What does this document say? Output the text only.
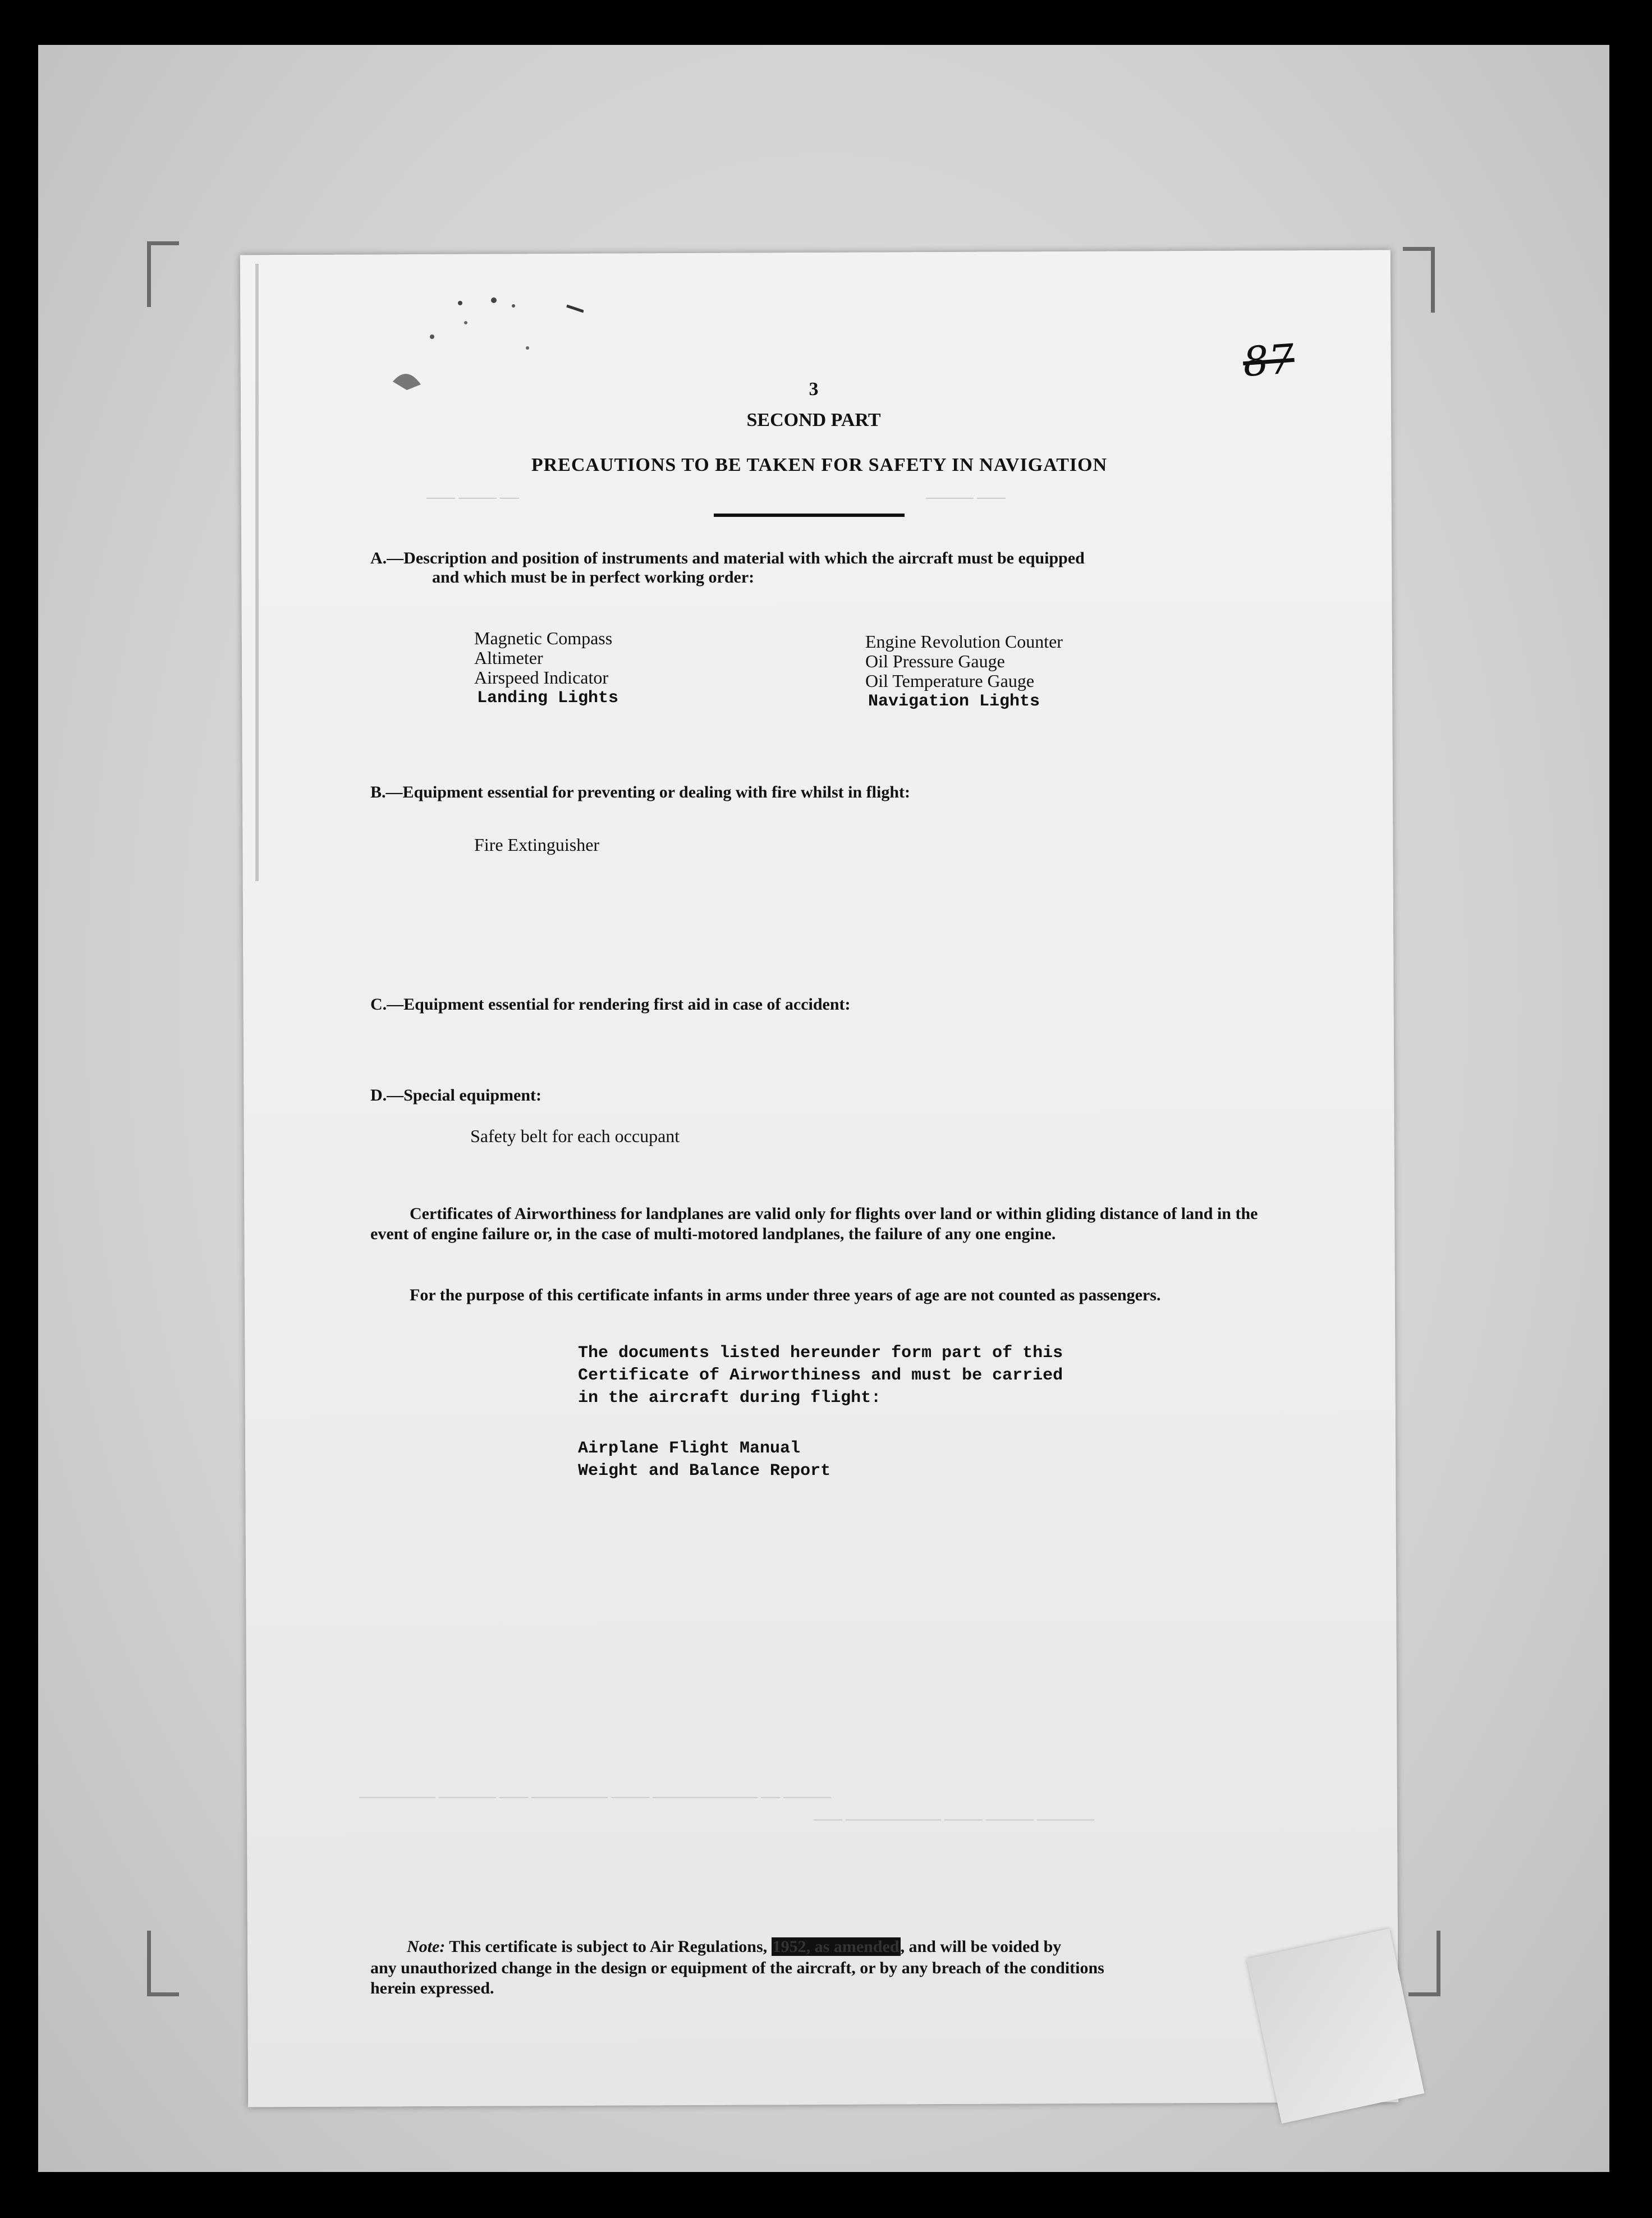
─── ──── ──	───── ───
──────── ────── ─── ──────── ──── ─────────── ── ─────
─── ────────── ──── ───── ──────
87
3
SECOND PART
PRECAUTIONS TO BE TAKEN FOR SAFETY IN NAVIGATION
A.—Description and position of instruments and material with which the aircraft must be equipped
and which must be in perfect working order:
Magnetic Compass
Altimeter
Airspeed Indicator
Landing Lights
Engine Revolution Counter
Oil Pressure Gauge
Oil Temperature Gauge
Navigation Lights
B.—Equipment essential for preventing or dealing with fire whilst in flight:
Fire Extinguisher
C.—Equipment essential for rendering first aid in case of accident:
D.—Special equipment:
Safety belt for each occupant
Certificates of Airworthiness for landplanes are valid only for flights over land or within gliding distance of land in the event of engine failure or, in the case of multi-motored landplanes, the failure of any one engine.
For the purpose of this certificate infants in arms under three years of age are not counted as passengers.
The documents listed hereunder form part of this
Certificate of Airworthiness and must be carried
in the aircraft during flight:
Airplane Flight Manual
Weight and Balance Report
Note: This certificate is subject to Air Regulations, 1952, as amended, and will be voided by
any unauthorized change in the design or equipment of the aircraft, or by any breach of the conditions
herein expressed.
